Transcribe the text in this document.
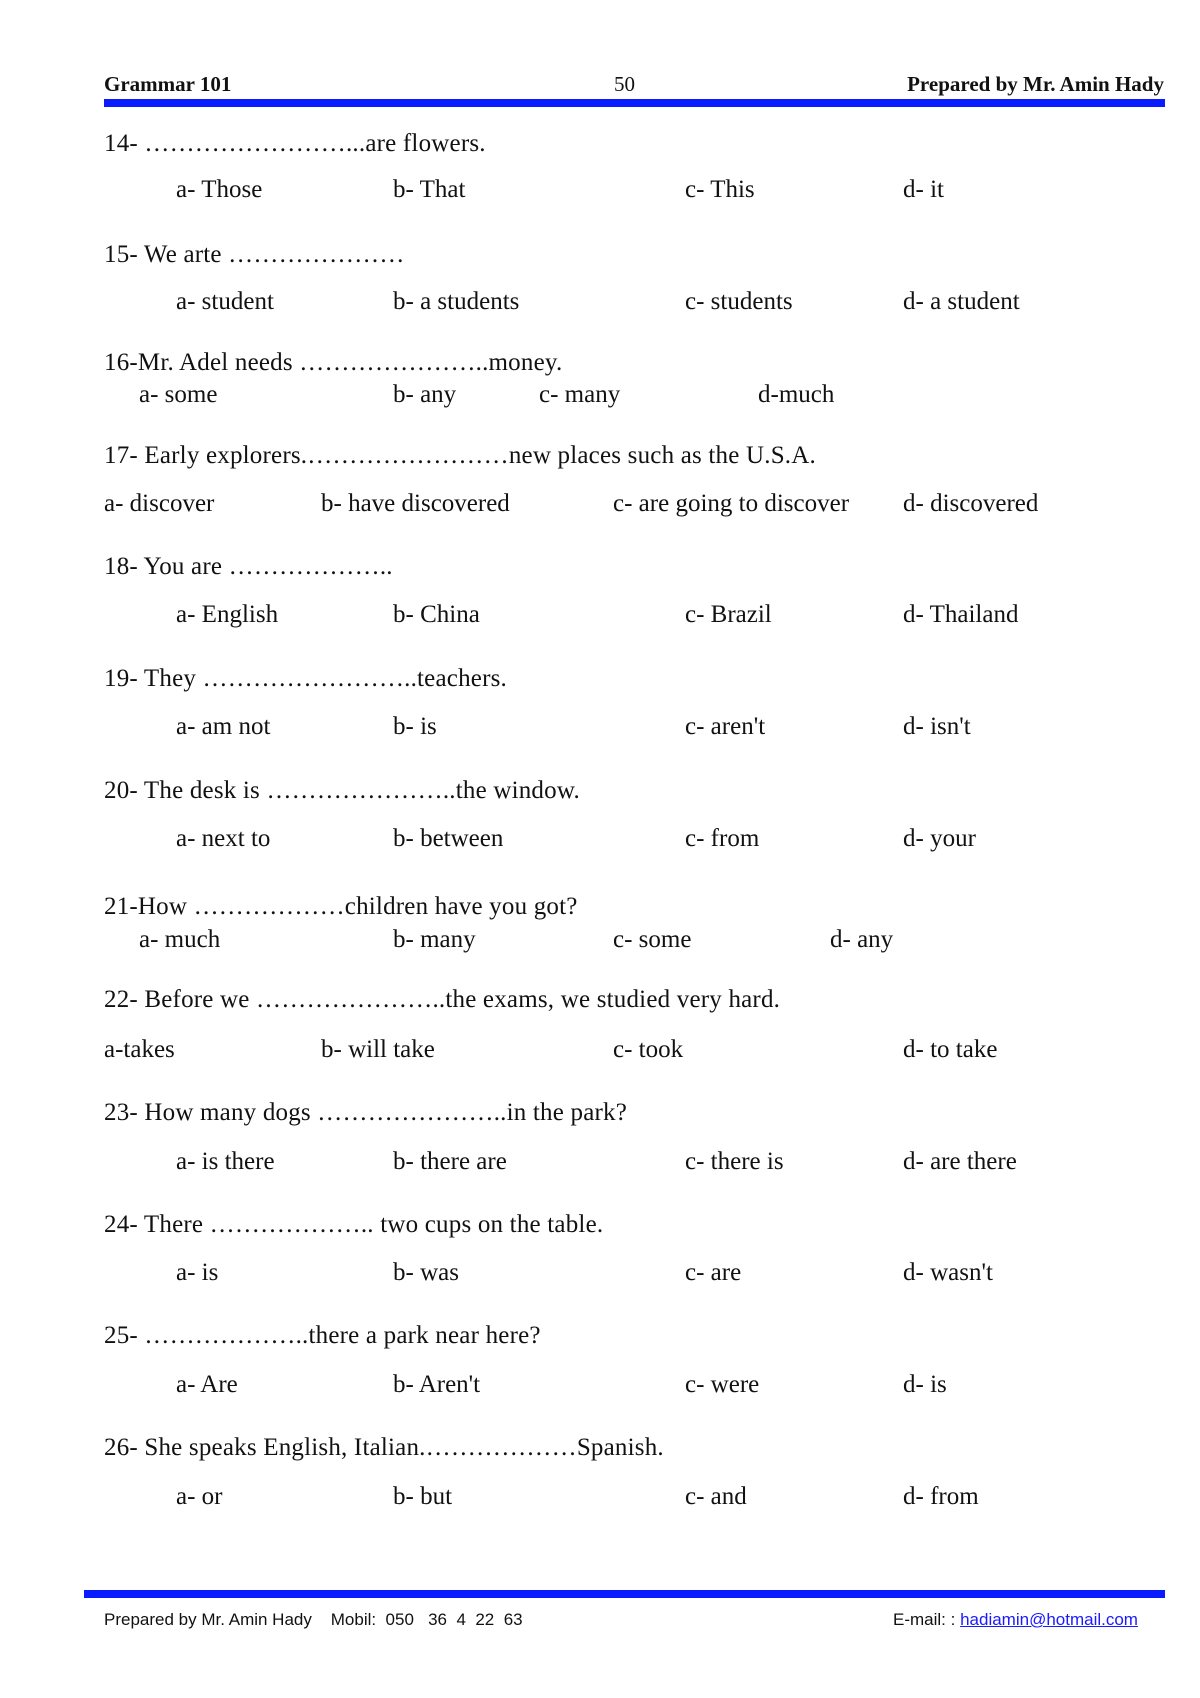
Grammar 101	50	Prepared by Mr. Amin Hady
14- ……………………...are flowers.
a- Those	b- That	c- This	d- it
15- We arte …………………
a- student	b- a students	c- students	d- a student
16-Mr. Adel needs …………………..money.
a- some	b- any	c- many	d-much
17- Early explorers.……………………new places such as the U.S.A.
a- discover	b- have discovered	c- are going to discover d- discovered
18- You are ………………..
a- English	b- China	c- Brazil	d- Thailand
19- They ……………………..teachers.
a- am not	b- is	c- aren't	d- isn't
20- The desk is …………………..the window.
a- next to	b- between	c- from	d- your
21-How ………………children have you got?
a- much	b- many	c- some	d- any
22- Before we …………………..the exams, we studied very hard.
a-takes	b- will take	c- took	d- to take
23- How many dogs …………………..in the park?
a- is there	b- there are	c- there is	d- are there
24- There ……………….. two cups on the table.
a- is	b- was	c- are	d- wasn't
25- ………………..there a park near here?
a- Are	b- Aren't	c- were	d- is
26- She speaks English, Italian.………………Spanish.
a- or	b- but	c- and	d- from
Prepared by Mr. Amin Hady    Mobil:  050   36  4  22  63	E-mail: : hadiamin@hotmail.com
